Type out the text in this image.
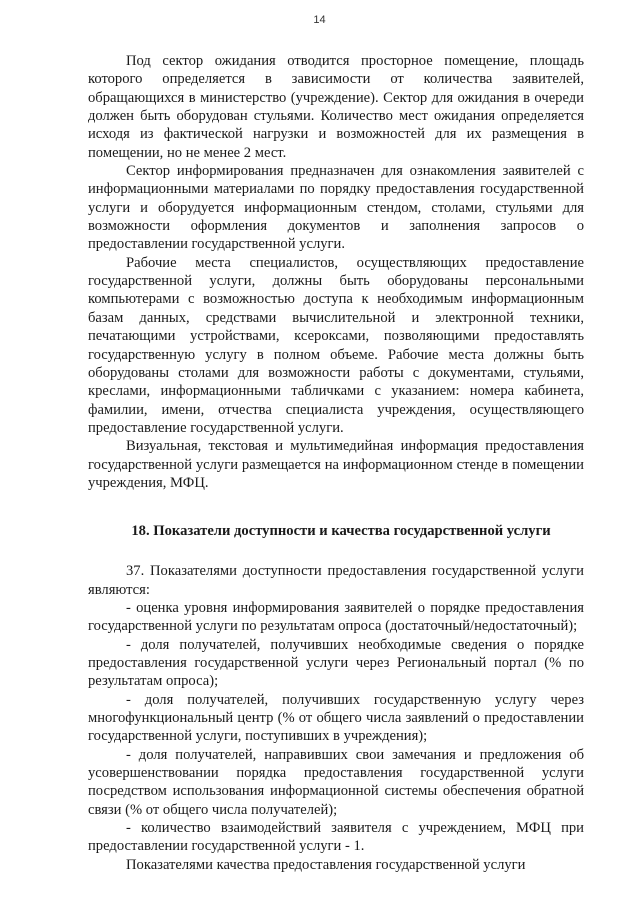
14

Под сектор ожидания отводится просторное помещение, площадь которого определяется в зависимости от количества заявителей, обращающихся в министерство (учреждение). Сектор для ожидания в очереди должен быть оборудован стульями. Количество мест ожидания определяется исходя из фактической нагрузки и возможностей для их размещения в помещении, но не менее 2 мест.

Сектор информирования предназначен для ознакомления заявителей с информационными материалами по порядку предоставления государственной услуги и оборудуется информационным стендом, столами, стульями для возможности оформления документов и заполнения запросов о предоставлении государственной услуги.

Рабочие места специалистов, осуществляющих предоставление государственной услуги, должны быть оборудованы персональными компьютерами с возможностью доступа к необходимым информационным базам данных, средствами вычислительной и электронной техники, печатающими устройствами, ксероксами, позволяющими предоставлять государственную услугу в полном объеме. Рабочие места должны быть оборудованы столами для возможности работы с документами, стульями, креслами, информационными табличками с указанием: номера кабинета, фамилии, имени, отчества специалиста учреждения, осуществляющего предоставление государственной услуги.

Визуальная, текстовая и мультимедийная информация предоставления государственной услуги размещается на информационном стенде в помещении учреждения, МФЦ.

18. Показатели доступности и качества государственной услуги

37. Показателями доступности предоставления государственной услуги являются:

- оценка уровня информирования заявителей о порядке предоставления государственной услуги по результатам опроса (достаточный/недостаточный);

- доля получателей, получивших необходимые сведения о порядке предоставления государственной услуги через Региональный портал (% по результатам опроса);

- доля получателей, получивших государственную услугу через многофункциональный центр (% от общего числа заявлений о предоставлении государственной услуги, поступивших в учреждения);

- доля получателей, направивших свои замечания и предложения об усовершенствовании порядка предоставления государственной услуги посредством использования информационной системы обеспечения обратной связи (% от общего числа получателей);

- количество взаимодействий заявителя с учреждением, МФЦ при предоставлении государственной услуги - 1.

Показателями качества предоставления государственной услуги
